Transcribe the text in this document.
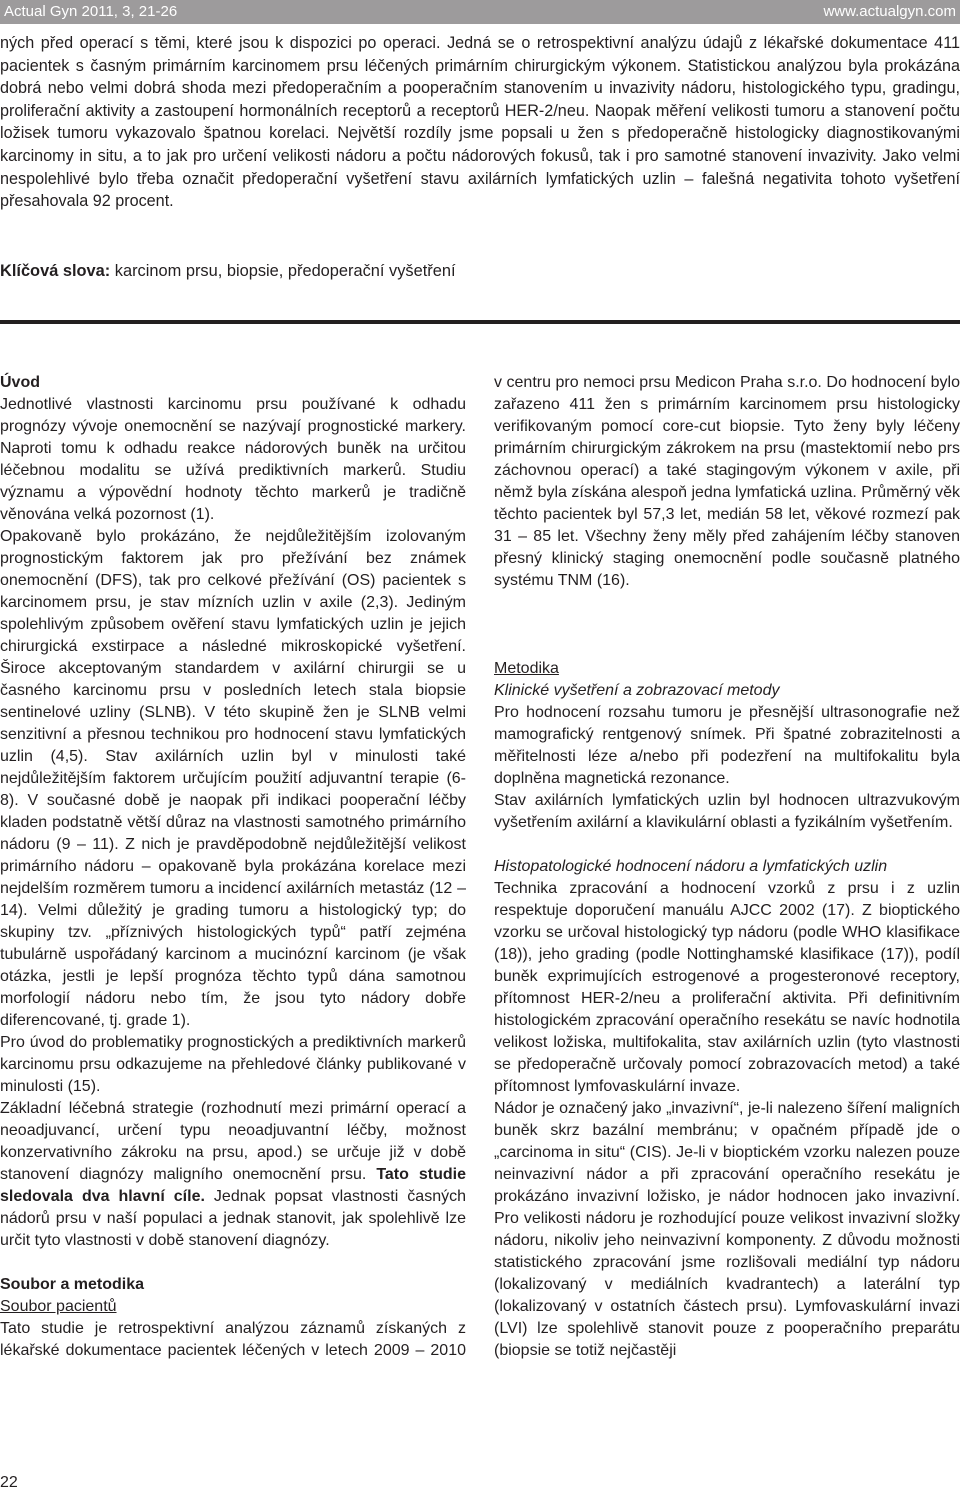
Actual Gyn 2011, 3, 21-26	www.actualgyn.com

ných před operací s těmi, které jsou k dispozici po operaci. Jedná se o retrospektivní analýzu údajů z lékařské dokumentace 411 pacientek s časným primárním karcinomem prsu léčených primárním chirurgickým výkonem. Statistickou analýzou byla prokázána dobrá nebo velmi dobrá shoda mezi předoperačním a pooperačním stanovením u invazivity nádoru, histologického typu, gradingu, proliferační aktivity a zastoupení hormonálních receptorů a receptorů HER-2/neu. Naopak měření velikosti tumoru a stanovení počtu ložisek tumoru vykazovalo špatnou korelaci. Největší rozdíly jsme popsali u žen s předoperačně histologicky diagnostikovanými karcinomy in situ, a to jak pro určení velikosti nádoru a počtu nádorových fokusů, tak i pro samotné stanovení invazivity. Jako velmi nespolehlivé bylo třeba označit předoperační vyšetření stavu axilárních lymfatických uzlin – falešná negativita tohoto vyšetření přesahovala 92 procent.

Klíčová slova: karcinom prsu, biopsie, předoperační vyšetření

Úvod

Jednotlivé vlastnosti karcinomu prsu používané k odhadu prognózy vývoje onemocnění se nazývají prognostické markery. Naproti tomu k odhadu reakce nádorových buněk na určitou léčebnou modalitu se užívá prediktivních markerů. Studiu významu a výpovědní hodnoty těchto markerů je tradičně věnována velká pozornost (1).

Opakovaně bylo prokázáno, že nejdůležitějším izolovaným prognostickým faktorem jak pro přežívání bez známek onemocnění (DFS), tak pro celkové přežívání (OS) pacientek s karcinomem prsu, je stav mízních uzlin v axile (2,3). Jediným spolehlivým způsobem ověření stavu lymfatických uzlin je jejich chirurgická exstirpace a následné mikroskopické vyšetření. Široce akceptovaným standardem v axilární chirurgii se u časného karcinomu prsu v posledních letech stala biopsie sentinelové uzliny (SLNB). V této skupině žen je SLNB velmi senzitivní a přesnou technikou pro hodnocení stavu lymfatických uzlin (4,5). Stav axilárních uzlin byl v minulosti také nejdůležitějším faktorem určujícím použití adjuvantní terapie (6-8). V současné době je naopak při indikaci pooperační léčby kladen podstatně větší důraz na vlastnosti samotného primárního nádoru (9 – 11). Z nich je pravděpodobně nejdůležitější velikost primárního nádoru – opakovaně byla prokázána korelace mezi nejdelším rozměrem tumoru a incidencí axilárních metastáz (12 – 14). Velmi důležitý je grading tumoru a histologický typ; do skupiny tzv. „příznivých histologických typů“ patří zejména tubulárně uspořádaný karcinom a mucinózní karcinom (je však otázka, jestli je lepší prognóza těchto typů dána samotnou morfologií nádoru nebo tím, že jsou tyto nádory dobře diferencované, tj. grade 1).

Pro úvod do problematiky prognostických a prediktivních markerů karcinomu prsu odkazujeme na přehledové články publikované v minulosti (15).

Základní léčebná strategie (rozhodnutí mezi primární operací a neoadjuvancí, určení typu neoadjuvantní léčby, možnost konzervativního zákroku na prsu, apod.) se určuje již v době stanovení diagnózy maligního onemocnění prsu. Tato studie sledovala dva hlavní cíle. Jednak popsat vlastnosti časných nádorů prsu v naší populaci a jednak stanovit, jak spolehlivě lze určit tyto vlastnosti v době stanovení diagnózy.

Soubor a metodika

Soubor pacientů

Tato studie je retrospektivní analýzou záznamů získaných z lékařské dokumentace pacientek léčených v letech 2009 – 2010

v centru pro nemoci prsu Medicon Praha s.r.o. Do hodnocení bylo zařazeno 411 žen s primárním karcinomem prsu histologicky verifikovaným pomocí core-cut biopsie. Tyto ženy byly léčeny primárním chirurgickým zákrokem na prsu (mastektomií nebo prs záchovnou operací) a také stagingovým výkonem v axile, při němž byla získána alespoň jedna lymfatická uzlina. Průměrný věk těchto pacientek byl 57,3 let, medián 58 let, věkové rozmezí pak 31 – 85 let. Všechny ženy měly před zahájením léčby stanoven přesný klinický staging onemocnění podle současně platného systému TNM (16).

Metodika

Klinické vyšetření a zobrazovací metody

Pro hodnocení rozsahu tumoru je přesnější ultrasonografie než mamografický rentgenový snímek. Při špatné zobrazitelnosti a měřitelnosti léze a/nebo při podezření na multifokalitu byla doplněna magnetická rezonance.

Stav axilárních lymfatických uzlin byl hodnocen ultrazvukovým vyšetřením axilární a klavikulární oblasti a fyzikálním vyšetřením.

Histopatologické hodnocení nádoru a lymfatických uzlin

Technika zpracování a hodnocení vzorků z prsu i z uzlin respektuje doporučení manuálu AJCC 2002 (17). Z bioptického vzorku se určoval histologický typ nádoru (podle WHO klasifikace (18)), jeho grading (podle Nottinghamské klasifikace (17)), podíl buněk exprimujících estrogenové a progesteronové receptory, přítomnost HER-2/neu a proliferační aktivita. Při definitivním histologickém zpracování operačního resekátu se navíc hodnotila velikost ložiska, multifokalita, stav axilárních uzlin (tyto vlastnosti se předoperačně určovaly pomocí zobrazovacích metod) a také přítomnost lymfovaskulární invaze.

Nádor je označený jako „invazivní“, je-li nalezeno šíření maligních buněk skrz bazální membránu; v opačném případě jde o „carcinoma in situ“ (CIS). Je-li v bioptickém vzorku nalezen pouze neinvazivní nádor a při zpracování operačního resekátu je prokázáno invazivní ložisko, je nádor hodnocen jako invazivní. Pro velikosti nádoru je rozhodující pouze velikost invazivní složky nádoru, nikoliv jeho neinvazivní komponenty. Z důvodu možnosti statistického zpracování jsme rozlišovali mediální typ nádoru (lokalizovaný v mediálních kvadrantech) a laterální typ (lokalizovaný v ostatních částech prsu). Lymfovaskulární invazi (LVI) lze spolehlivě stanovit pouze z pooperačního preparátu (biopsie se totiž nejčastěji

22
